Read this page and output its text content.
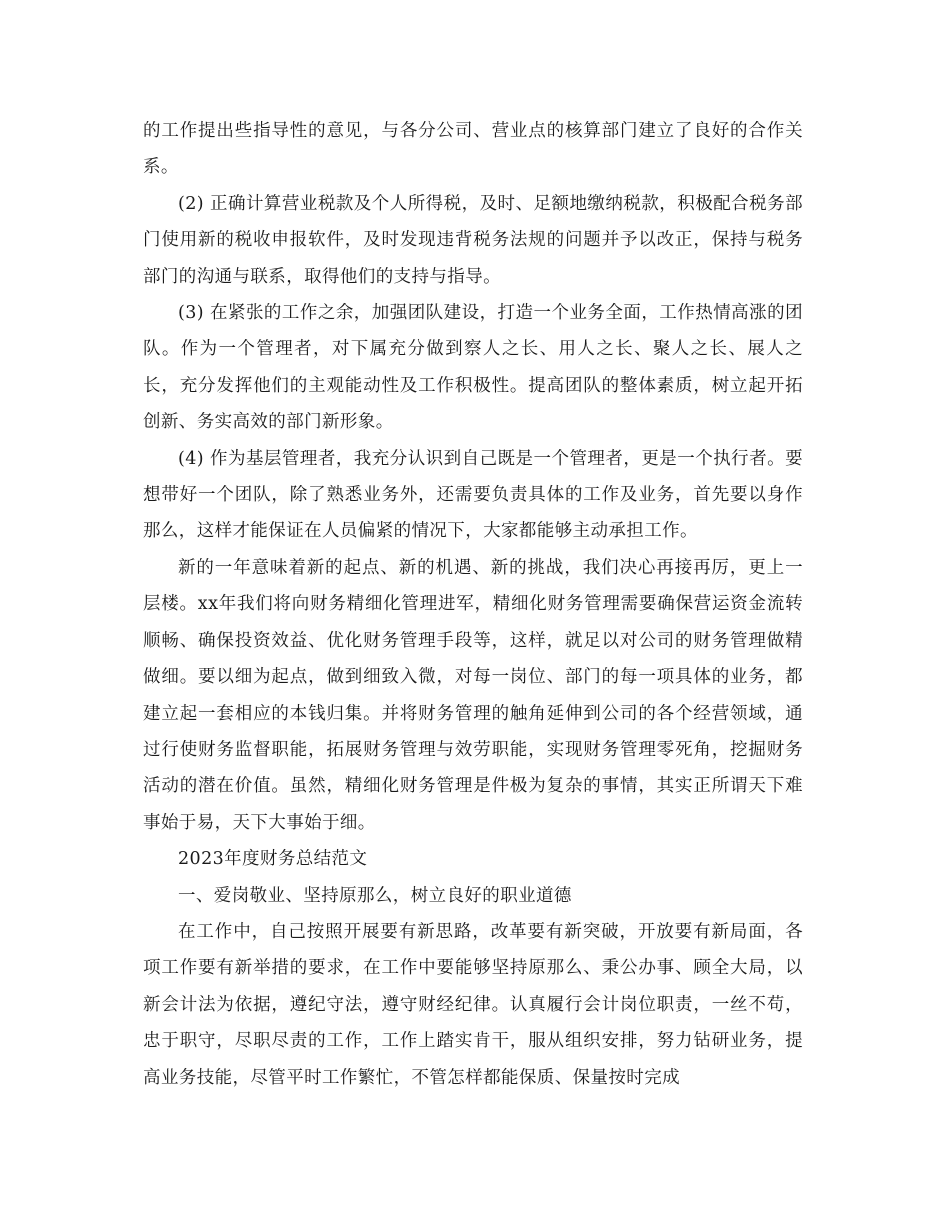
的工作提出些指导性的意见，与各分公司、营业点的核算部门建立了良好的合作关系。

(2) 正确计算营业税款及个人所得税，及时、足额地缴纳税款，积极配合税务部门使用新的税收申报软件，及时发现违背税务法规的问题并予以改正，保持与税务部门的沟通与联系，取得他们的支持与指导。

(3) 在紧张的工作之余，加强团队建设，打造一个业务全面，工作热情高涨的团队。作为一个管理者，对下属充分做到察人之长、用人之长、聚人之长、展人之长，充分发挥他们的主观能动性及工作积极性。提高团队的整体素质，树立起开拓创新、务实高效的部门新形象。

(4) 作为基层管理者，我充分认识到自己既是一个管理者，更是一个执行者。要想带好一个团队，除了熟悉业务外，还需要负责具体的工作及业务，首先要以身作那么，这样才能保证在人员偏紧的情况下，大家都能够主动承担工作。

新的一年意味着新的起点、新的机遇、新的挑战，我们决心再接再厉，更上一层楼。xx年我们将向财务精细化管理进军，精细化财务管理需要确保营运资金流转顺畅、确保投资效益、优化财务管理手段等，这样，就足以对公司的财务管理做精做细。要以细为起点，做到细致入微，对每一岗位、部门的每一项具体的业务，都建立起一套相应的本钱归集。并将财务管理的触角延伸到公司的各个经营领域，通过行使财务监督职能，拓展财务管理与效劳职能，实现财务管理零死角，挖掘财务活动的潜在价值。虽然，精细化财务管理是件极为复杂的事情，其实正所谓天下难事始于易，天下大事始于细。

2023年度财务总结范文

一、爱岗敬业、坚持原那么，树立良好的职业道德

在工作中，自己按照开展要有新思路，改革要有新突破，开放要有新局面，各项工作要有新举措的要求，在工作中要能够坚持原那么、秉公办事、顾全大局，以新会计法为依据，遵纪守法，遵守财经纪律。认真履行会计岗位职责，一丝不苟，忠于职守，尽职尽责的工作，工作上踏实肯干，服从组织安排，努力钻研业务，提高业务技能，尽管平时工作繁忙，不管怎样都能保质、保量按时完成
